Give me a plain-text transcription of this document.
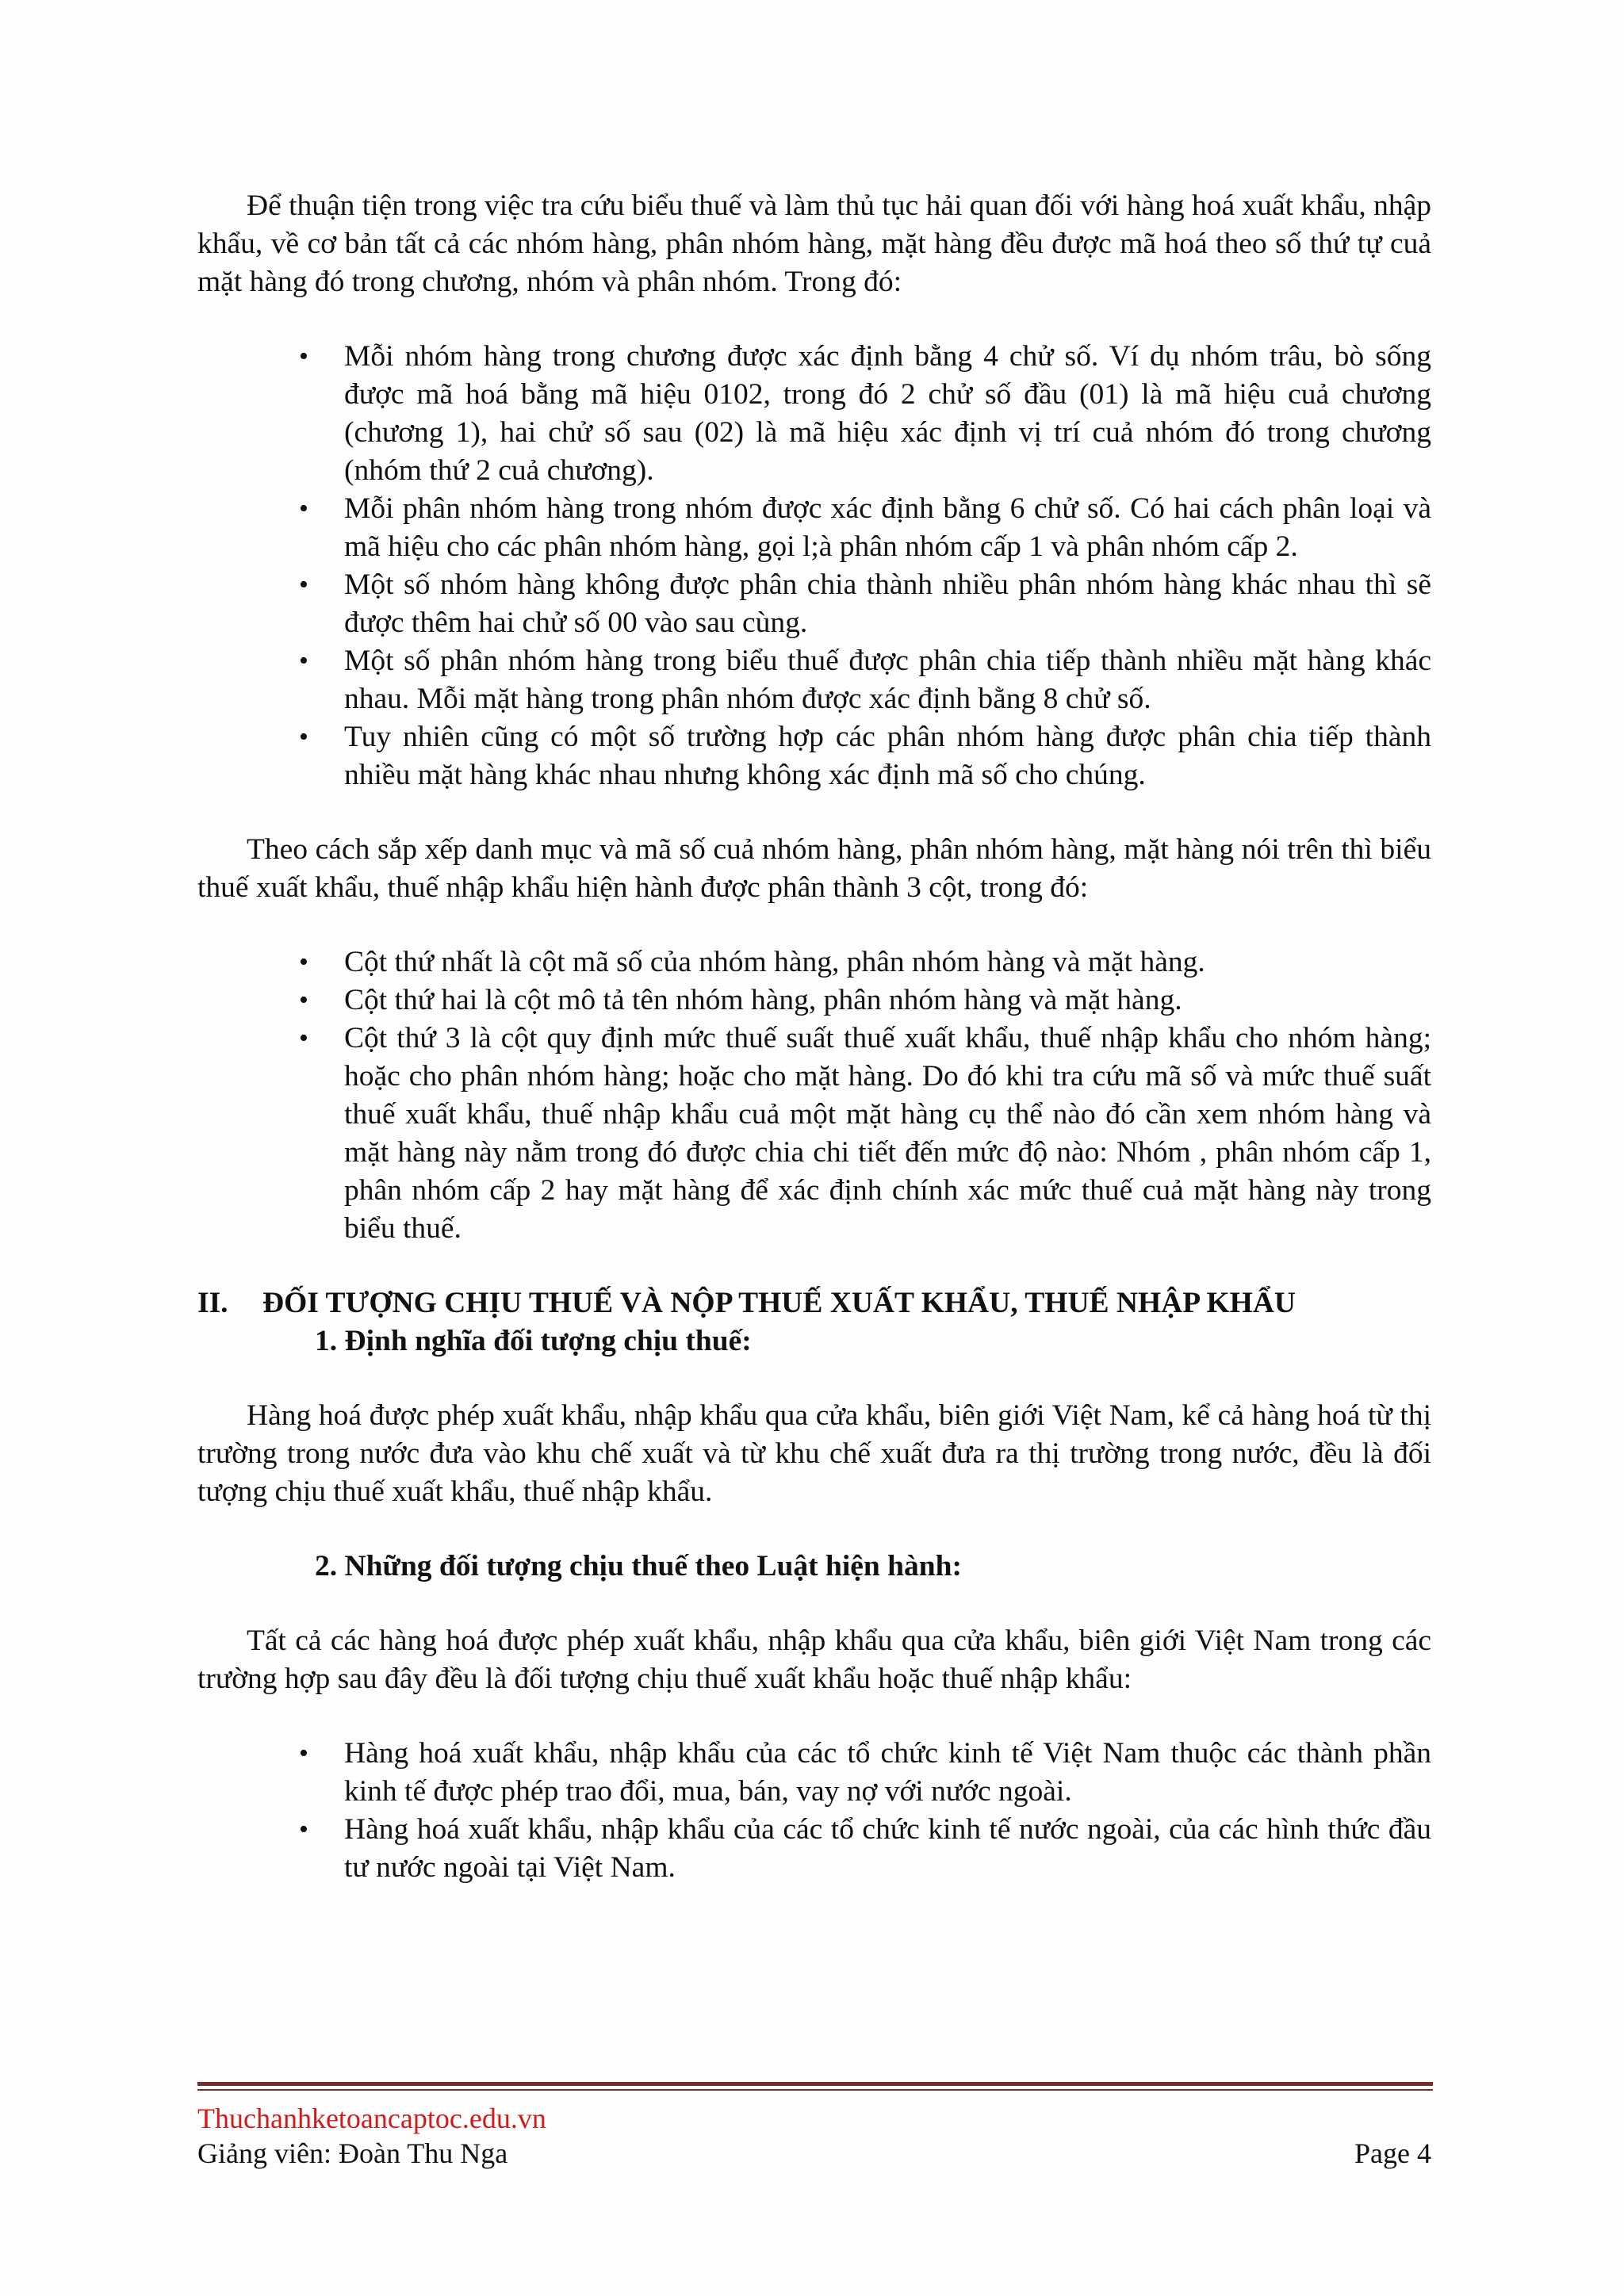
Để thuận tiện trong việc tra cứu biểu thuế và làm thủ tục hải quan đối với hàng hoá xuất khẩu, nhập khẩu, về cơ bản tất cả các nhóm hàng, phân nhóm hàng, mặt hàng đều được mã hoá theo số thứ tự cuả mặt hàng đó trong chương, nhóm và phân nhóm. Trong đó:

• Mỗi nhóm hàng trong chương được xác định bằng 4 chử số. Ví dụ nhóm trâu, bò sống được mã hoá bằng mã hiệu 0102, trong đó 2 chử số đầu (01) là mã hiệu cuả chương (chương 1), hai chử số sau (02) là mã hiệu xác định vị trí cuả nhóm đó trong chương (nhóm thứ 2 cuả chương).
• Mỗi phân nhóm hàng trong nhóm được xác định bằng 6 chử số. Có hai cách phân loại và mã hiệu cho các phân nhóm hàng, gọi l;à phân nhóm cấp 1 và phân nhóm cấp 2.
• Một số nhóm hàng không được phân chia thành nhiều phân nhóm hàng khác nhau thì sẽ được thêm hai chử số 00 vào sau cùng.
• Một số phân nhóm hàng trong biểu thuế được phân chia tiếp thành nhiều mặt hàng khác nhau. Mỗi mặt hàng trong phân nhóm được xác định bằng 8 chử số.
• Tuy nhiên cũng có một số trường hợp các phân nhóm hàng được phân chia tiếp thành nhiều mặt hàng khác nhau nhưng không xác định mã số cho chúng.

Theo cách sắp xếp danh mục và mã số cuả nhóm hàng, phân nhóm hàng, mặt hàng nói trên thì biểu thuế xuất khẩu, thuế nhập khẩu hiện hành được phân thành 3 cột, trong đó:

• Cột thứ nhất là cột mã số của nhóm hàng, phân nhóm hàng và mặt hàng.
• Cột thứ hai là cột mô tả tên nhóm hàng, phân nhóm hàng và mặt hàng.
• Cột thứ 3 là cột quy định mức thuế suất thuế xuất khẩu, thuế nhập khẩu cho nhóm hàng; hoặc cho phân nhóm hàng; hoặc cho mặt hàng. Do đó khi tra cứu mã số và mức thuế suất thuế xuất khẩu, thuế nhập khẩu cuả một mặt hàng cụ thể nào đó cần xem nhóm hàng và mặt hàng này nằm trong đó được chia chi tiết đến mức độ nào: Nhóm , phân nhóm cấp 1, phân nhóm cấp 2 hay mặt hàng để xác định chính xác mức thuế cuả mặt hàng này trong biểu thuế.

II. ĐỐI TƯỢNG CHỊU THUẾ VÀ NỘP THUẾ XUẤT KHẨU, THUẾ NHẬP KHẨU

1. Định nghĩa đối tượng chịu thuế:

Hàng hoá được phép xuất khẩu, nhập khẩu qua cửa khẩu, biên giới Việt Nam, kể cả hàng hoá từ thị trường trong nước đưa vào khu chế xuất và từ khu chế xuất đưa ra thị trường trong nước, đều là đối tượng chịu thuế xuất khẩu, thuế nhập khẩu.

2. Những đối tượng chịu thuế theo Luật hiện hành:

Tất cả các hàng hoá được phép xuất khẩu, nhập khẩu qua cửa khẩu, biên giới Việt Nam trong các trường hợp sau đây đều là đối tượng chịu thuế xuất khẩu hoặc thuế nhập khẩu:

• Hàng hoá xuất khẩu, nhập khẩu của các tổ chức kinh tế Việt Nam thuộc các thành phần kinh tế được phép trao đổi, mua, bán, vay nợ với nước ngoài.
• Hàng hoá xuất khẩu, nhập khẩu của các tổ chức kinh tế nước ngoài, của các hình thức đầu tư nước ngoài tại Việt Nam.
Thuchanhketoancaptoc.edu.vn
Giảng viên: Đoàn Thu Nga	Page 4
